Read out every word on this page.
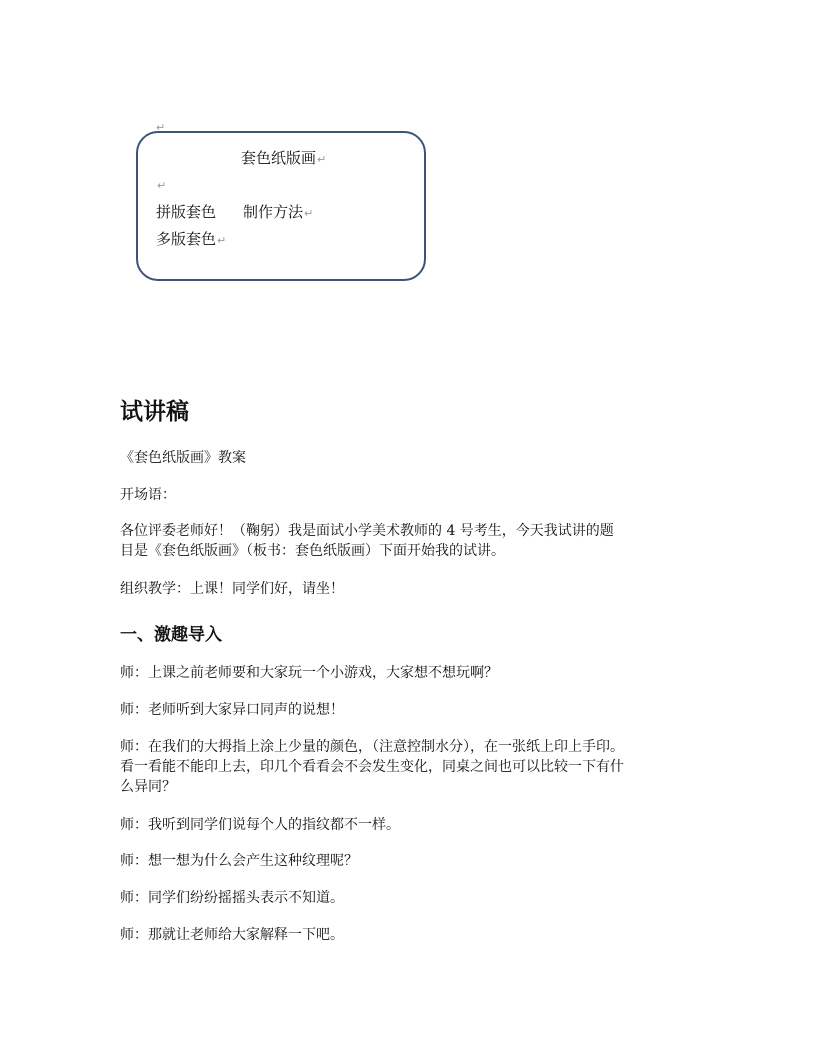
↵
套色纸版画↵
↵
拼版套色 制作方法↵
多版套色↵
试讲稿

《套色纸版画》教案

开场语：

各位评委老师好！（鞠躬）我是面试小学美术教师的 4 号考生，今天我试讲的题
目是《套色纸版画》（板书：套色纸版画）下面开始我的试讲。

组织教学：上课！同学们好，请坐！

一、激趣导入

师：上课之前老师要和大家玩一个小游戏，大家想不想玩啊？

师：老师听到大家异口同声的说想！

师：在我们的大拇指上涂上少量的颜色，（注意控制水分），在一张纸上印上手印。
看一看能不能印上去，印几个看看会不会发生变化，同桌之间也可以比较一下有什
么异同？

师：我听到同学们说每个人的指纹都不一样。

师：想一想为什么会产生这种纹理呢？

师：同学们纷纷摇摇头表示不知道。

师：那就让老师给大家解释一下吧。
